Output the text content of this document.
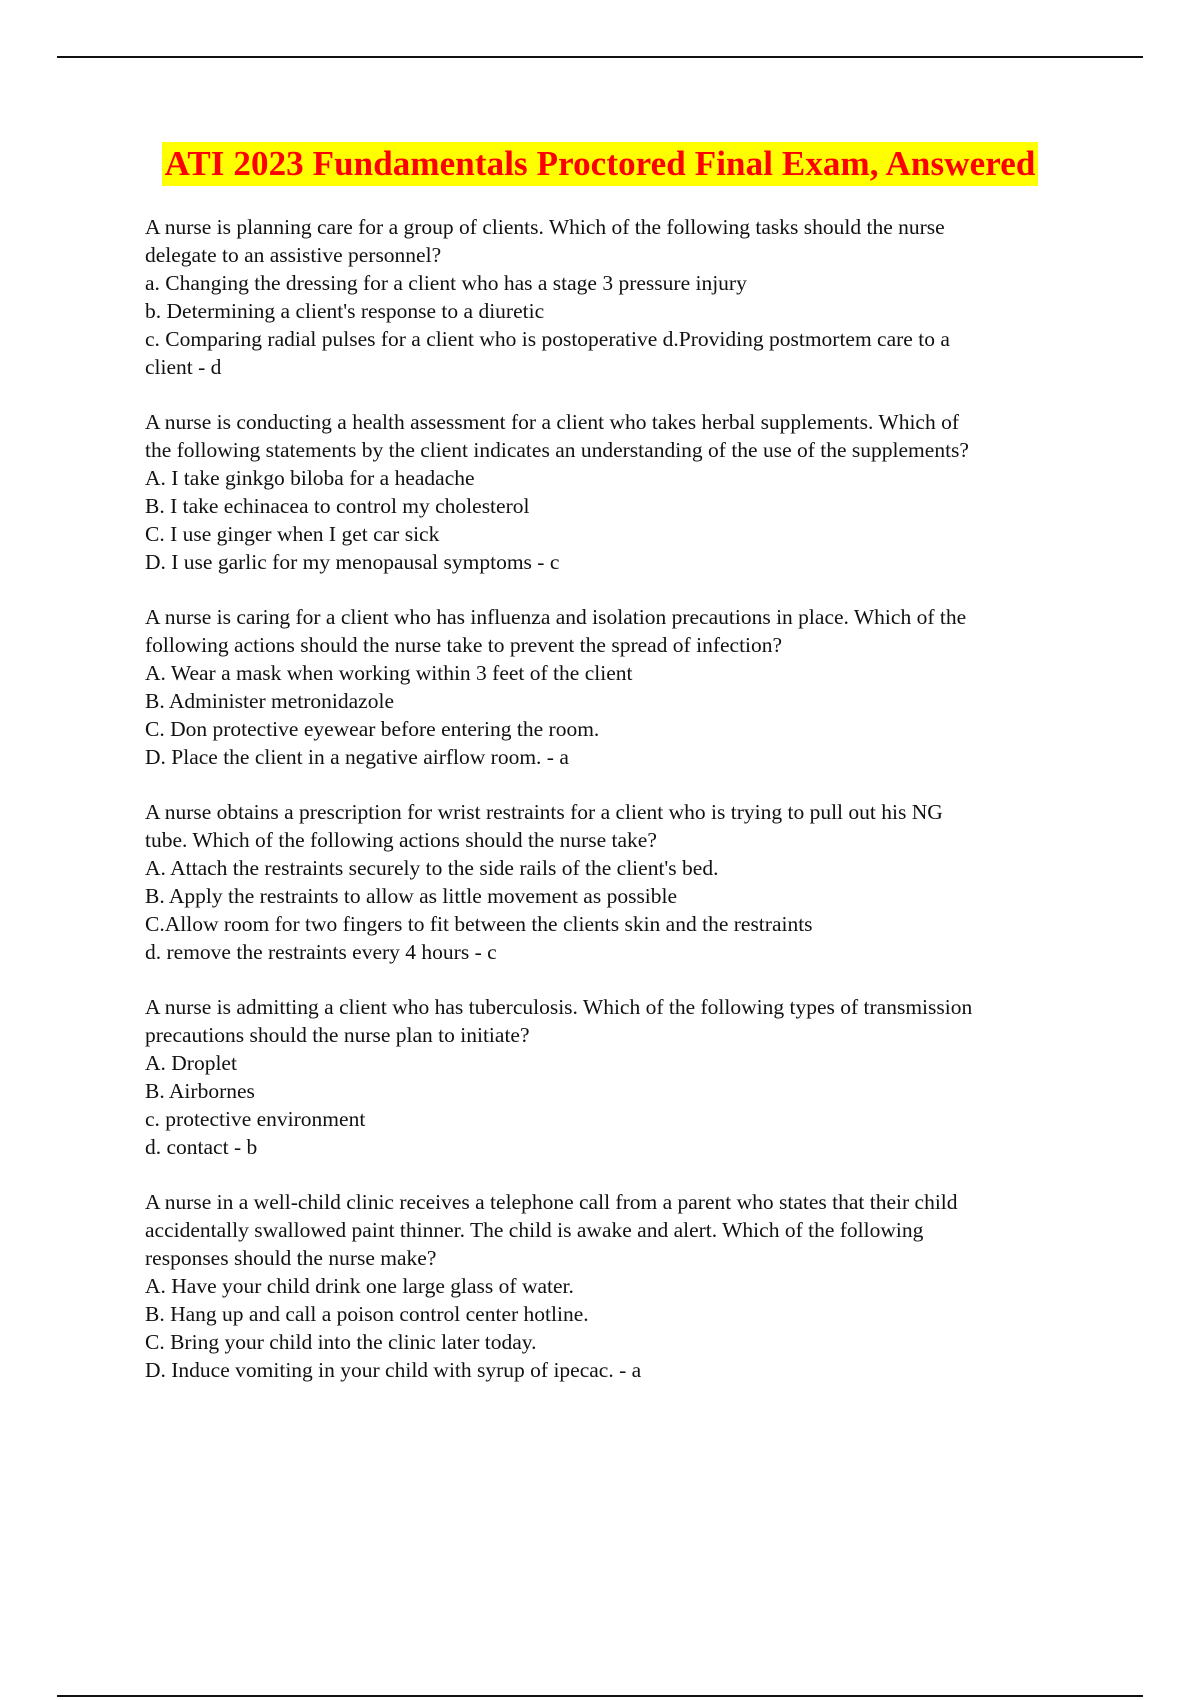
ATI 2023 Fundamentals Proctored Final Exam, Answered
A nurse is planning care for a group of clients. Which of the following tasks should the nurse
delegate to an assistive personnel?
a. Changing the dressing for a client who has a stage 3 pressure injury
b. Determining a client's response to a diuretic
c. Comparing radial pulses for a client who is postoperative d.Providing postmortem care to a
client - d
A nurse is conducting a health assessment for a client who takes herbal supplements. Which of
the following statements by the client indicates an understanding of the use of the supplements?
A. I take ginkgo biloba for a headache
B. I take echinacea to control my cholesterol
C. I use ginger when I get car sick
D. I use garlic for my menopausal symptoms - c
A nurse is caring for a client who has influenza and isolation precautions in place. Which of the
following actions should the nurse take to prevent the spread of infection?
A. Wear a mask when working within 3 feet of the client
B. Administer metronidazole
C. Don protective eyewear before entering the room.
D. Place the client in a negative airflow room. - a
A nurse obtains a prescription for wrist restraints for a client who is trying to pull out his NG
tube. Which of the following actions should the nurse take?
A. Attach the restraints securely to the side rails of the client's bed.
B. Apply the restraints to allow as little movement as possible
C.Allow room for two fingers to fit between the clients skin and the restraints
d. remove the restraints every 4 hours - c
A nurse is admitting a client who has tuberculosis. Which of the following types of transmission
precautions should the nurse plan to initiate?
A. Droplet
B. Airbornes
c. protective environment
d. contact - b
A nurse in a well-child clinic receives a telephone call from a parent who states that their child
accidentally swallowed paint thinner. The child is awake and alert. Which of the following
responses should the nurse make?
A. Have your child drink one large glass of water.
B. Hang up and call a poison control center hotline.
C. Bring your child into the clinic later today.
D. Induce vomiting in your child with syrup of ipecac. - a
